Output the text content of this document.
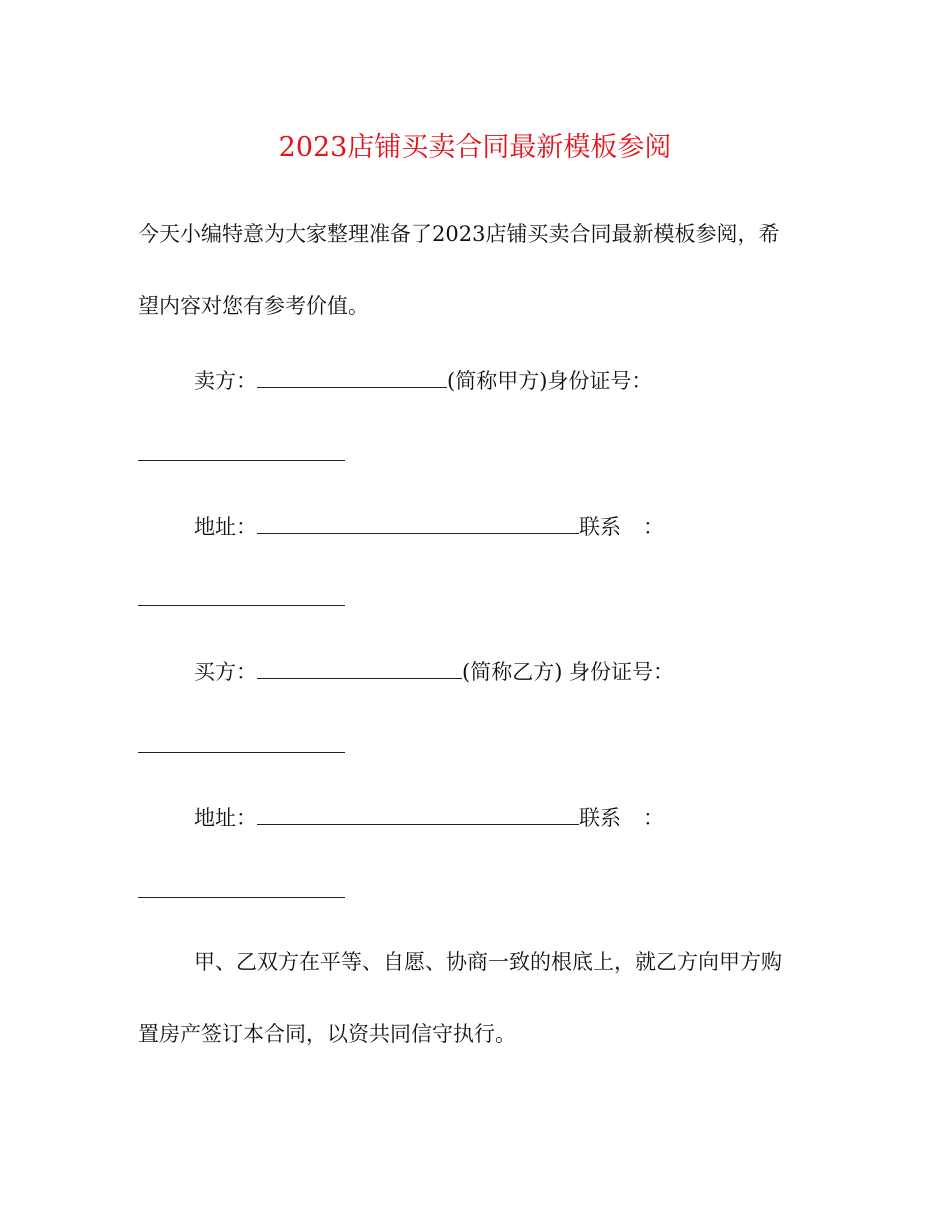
2023店铺买卖合同最新模板参阅
今天小编特意为大家整理准备了2023店铺买卖合同最新模板参阅，希
望内容对您有参考价值。
卖方：	(简称甲方)身份证号：
地址：	联系 ：
买方：	(简称乙方) 身份证号：
地址：	联系 ：
甲、乙双方在平等、自愿、协商一致的根底上，就乙方向甲方购
置房产签订本合同，以资共同信守执行。
